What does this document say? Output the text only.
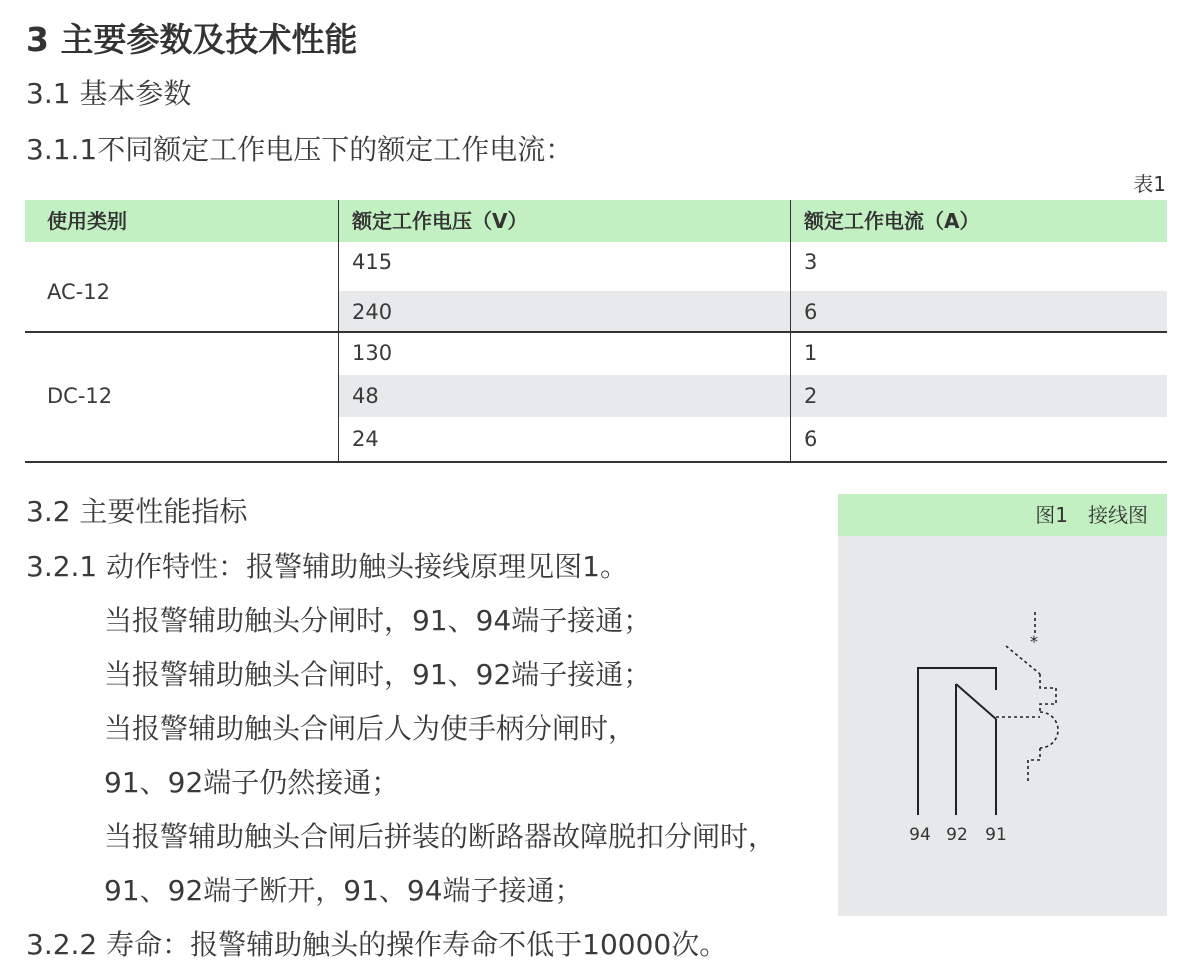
3 主要参数及技术性能
3.1 基本参数
3.1.1不同额定工作电压下的额定工作电流：
表1
使用类别	额定工作电压（V）	额定工作电流（A）
AC-12
415	3
240	6
DC-12
130	1
48	2
24	6
3.2 主要性能指标
3.2.1 动作特性：报警辅助触头接线原理见图1。
当报警辅助触头分闸时，91、94端子接通；
当报警辅助触头合闸时，91、92端子接通；
当报警辅助触头合闸后人为使手柄分闸时，
91、92端子仍然接通；
当报警辅助触头合闸后拼装的断路器故障脱扣分闸时，
91、92端子断开，91、94端子接通；
3.2.2 寿命：报警辅助触头的操作寿命不低于10000次。
图1　接线图
*
94 92 91
